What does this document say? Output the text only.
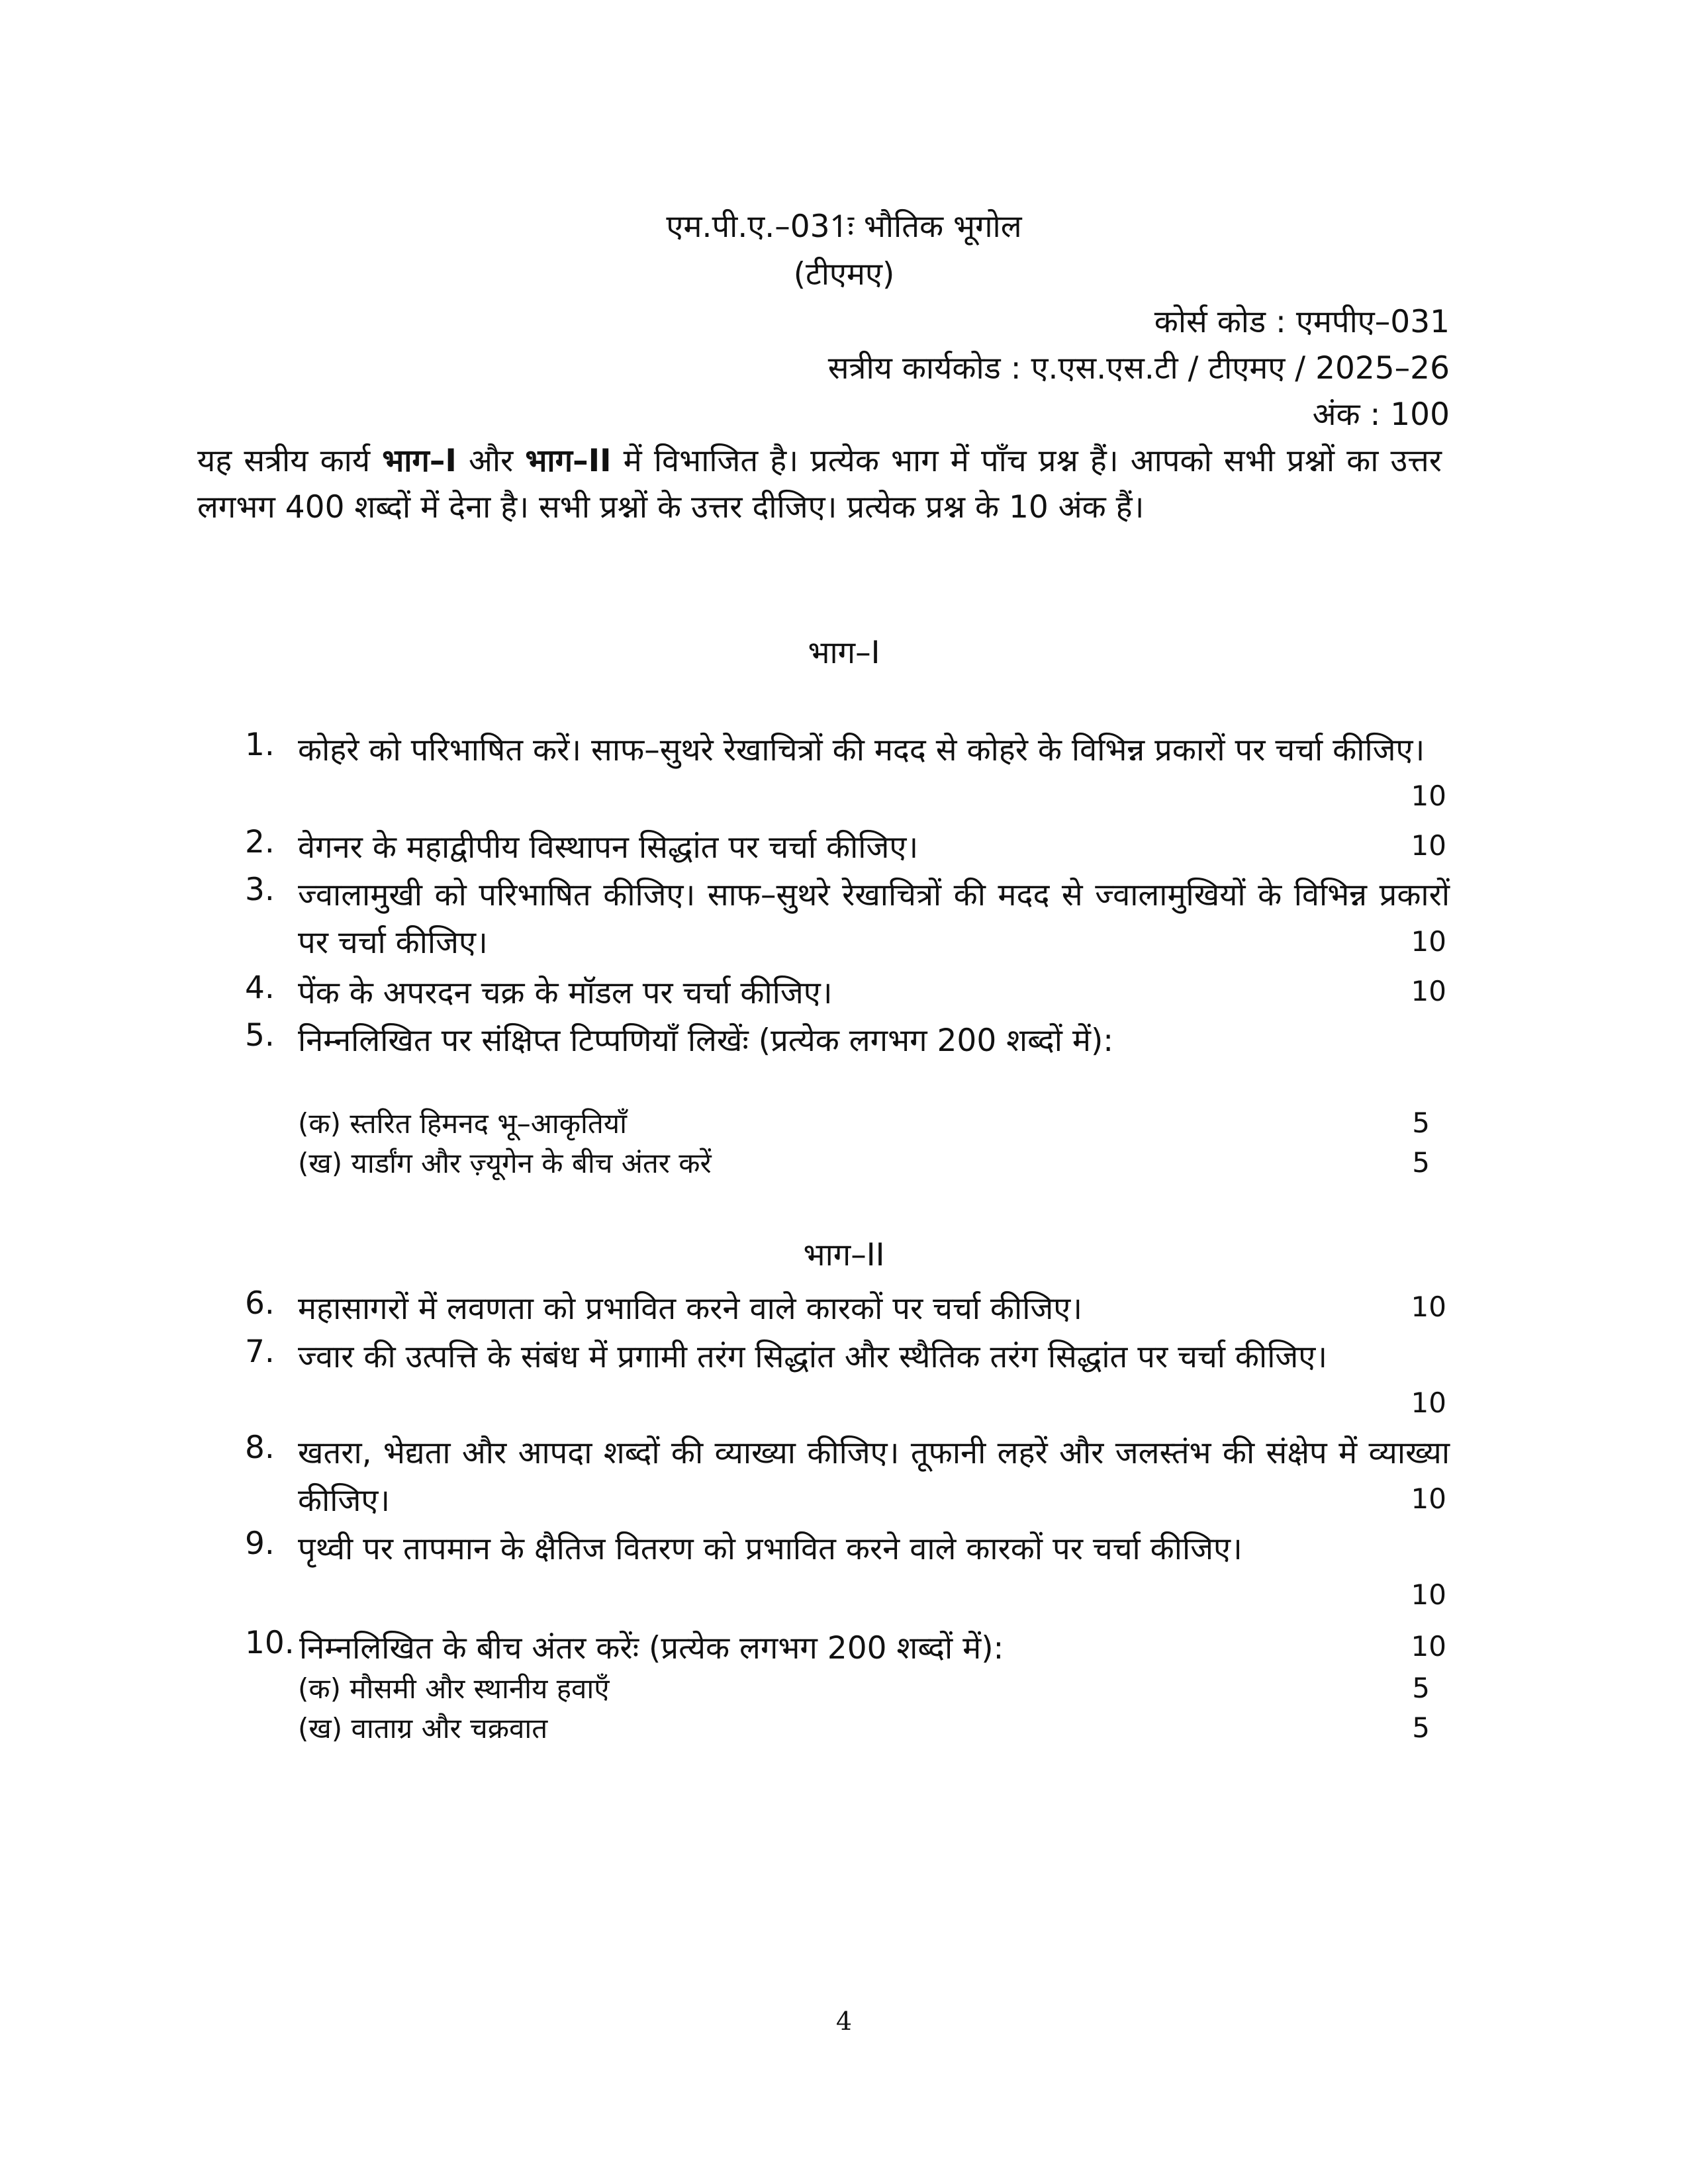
एम.पी.ए.–031ः भौतिक भूगोल
(टीएमए)
कोर्स कोड : एमपीए–031
सत्रीय कार्यकोड : ए.एस.एस.टी / टीएमए / 2025–26
अंक : 100
यह सत्रीय कार्य भाग–I और भाग–II में विभाजित है। प्रत्येक भाग में पाँच प्रश्न हैं। आपको सभी प्रश्नों का उत्तर लगभग 400 शब्दों में देना है। सभी प्रश्नों के उत्तर दीजिए। प्रत्येक प्रश्न के 10 अंक हैं।
भाग–I
1. कोहरे को परिभाषित करें। साफ–सुथरे रेखाचित्रों की मदद से कोहरे के विभिन्न प्रकारों पर चर्चा कीजिए।
10
2. वेगनर के महाद्वीपीय विस्थापन सिद्धांत पर चर्चा कीजिए।	10
3. ज्वालामुखी को परिभाषित कीजिए। साफ–सुथरे रेखाचित्रों की मदद से ज्वालामुखियों के विभिन्न प्रकारों पर चर्चा कीजिए।	10
4. पेंक के अपरदन चक्र के मॉडल पर चर्चा कीजिए।	10
5. निम्नलिखित पर संक्षिप्त टिप्पणियाँ लिखेंः (प्रत्येक लगभग 200 शब्दों में):
(क) स्तरित हिमनद भू–आकृतियाँ	5
(ख) यार्डांग और ज़्यूगेन के बीच अंतर करें	5
भाग–II
6. महासागरों में लवणता को प्रभावित करने वाले कारकों पर चर्चा कीजिए।	10
7. ज्वार की उत्पत्ति के संबंध में प्रगामी तरंग सिद्धांत और स्थैतिक तरंग सिद्धांत पर चर्चा कीजिए।
10
8. खतरा, भेद्यता और आपदा शब्दों की व्याख्या कीजिए। तूफानी लहरें और जलस्तंभ की संक्षेप में व्याख्या कीजिए।	10
9. पृथ्वी पर तापमान के क्षैतिज वितरण को प्रभावित करने वाले कारकों पर चर्चा कीजिए।
10
10. निम्नलिखित के बीच अंतर करेंः (प्रत्येक लगभग 200 शब्दों में):	10
(क) मौसमी और स्थानीय हवाएँ	5
(ख) वाताग्र और चक्रवात	5
4
